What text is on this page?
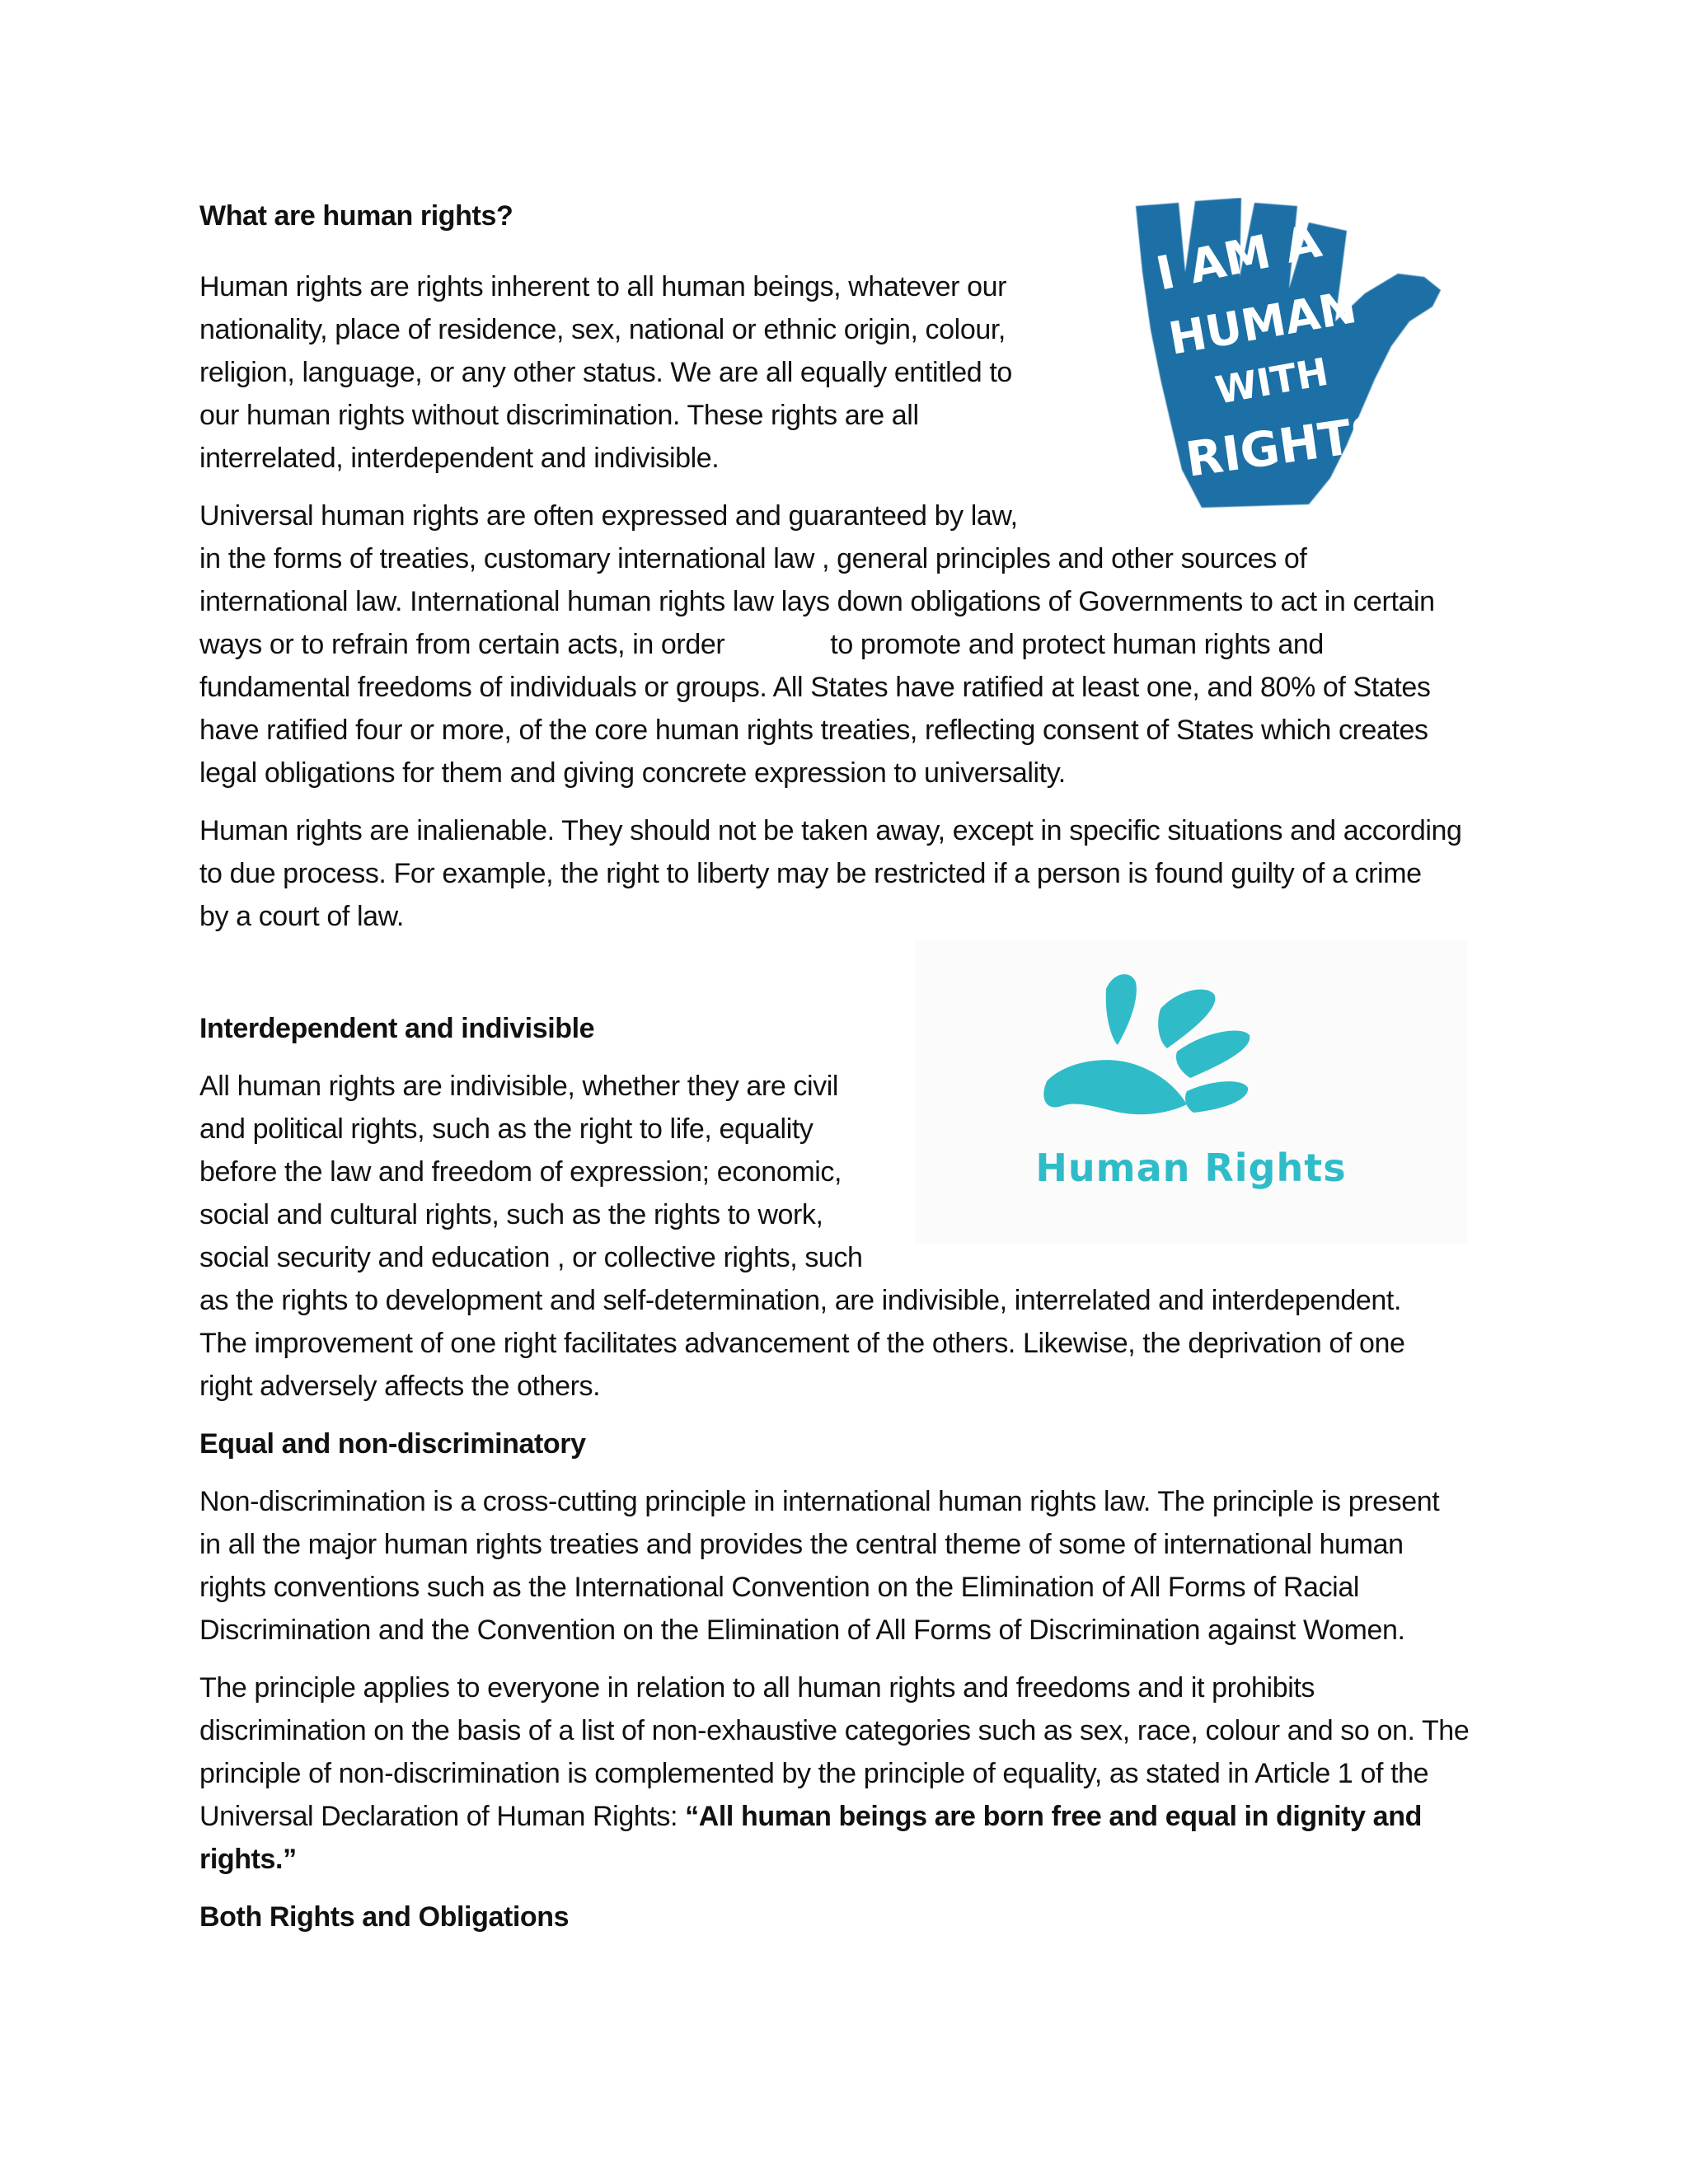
What are human rights?
Human rights are rights inherent to all human beings, whatever our
nationality, place of residence, sex, national or ethnic origin, colour,
religion, language, or any other status. We are all equally entitled to
our human rights without discrimination. These rights are all
interrelated, interdependent and indivisible.
Universal human rights are often expressed and guaranteed by law,
in the forms of treaties, customary international law , general principles and other sources of
international law. International human rights law lays down obligations of Governments to act in certain
ways or to refrain from certain acts, in order	to promote and protect human rights and
fundamental freedoms of individuals or groups. All States have ratified at least one, and 80% of States
have ratified four or more, of the core human rights treaties, reflecting consent of States which creates
legal obligations for them and giving concrete expression to universality.
Human rights are inalienable. They should not be taken away, except in specific situations and according
to due process. For example, the right to liberty may be restricted if a person is found guilty of a crime
by a court of law.
I AM A
HUMAN
WITH
RIGHTS!
Interdependent and indivisible
All human rights are indivisible, whether they are civil
and political rights, such as the right to life, equality
before the law and freedom of expression; economic,
social and cultural rights, such as the rights to work,
social security and education , or collective rights, such
as the rights to development and self-determination, are indivisible, interrelated and interdependent.
The improvement of one right facilitates advancement of the others. Likewise, the deprivation of one
right adversely affects the others.
Human Rights
Equal and non-discriminatory
Non-discrimination is a cross-cutting principle in international human rights law. The principle is present
in all the major human rights treaties and provides the central theme of some of international human
rights conventions such as the International Convention on the Elimination of All Forms of Racial
Discrimination and the Convention on the Elimination of All Forms of Discrimination against Women.
The principle applies to everyone in relation to all human rights and freedoms and it prohibits
discrimination on the basis of a list of non-exhaustive categories such as sex, race, colour and so on. The
principle of non-discrimination is complemented by the principle of equality, as stated in Article 1 of the
Universal Declaration of Human Rights: “All human beings are born free and equal in dignity and
rights.”
Both Rights and Obligations
